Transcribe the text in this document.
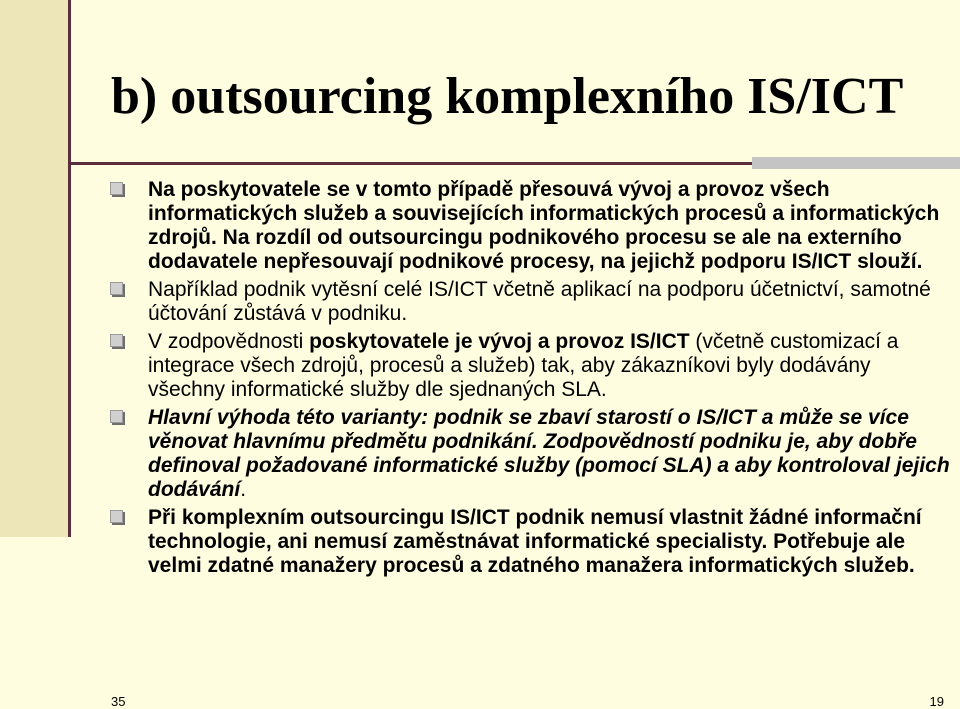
b) outsourcing komplexního IS/ICT
Na poskytovatele se v tomto případě přesouvá vývoj a provoz všech informatických služeb a souvisejících informatických procesů a informatických zdrojů. Na rozdíl od outsourcingu podnikového procesu se ale na externího dodavatele nepřesouvají podnikové procesy, na jejichž podporu IS/ICT slouží.
Například podnik vytěsní celé IS/ICT včetně aplikací na podporu účetnictví, samotné účtování zůstává v podniku.
V zodpovědnosti poskytovatele je vývoj a provoz IS/ICT (včetně customizací a integrace všech zdrojů, procesů a služeb) tak, aby zákazníkovi byly dodávány všechny informatické služby dle sjednaných SLA.
Hlavní výhoda této varianty: podnik se zbaví starostí o IS/ICT a může se více věnovat hlavnímu předmětu podnikání. Zodpovědností podniku je, aby dobře definoval požadované informatické služby (pomocí SLA) a aby kontroloval jejich dodávání.
Při komplexním outsourcingu IS/ICT podnik nemusí vlastnit žádné informační technologie, ani nemusí zaměstnávat informatické specialisty. Potřebuje ale velmi zdatné manažery procesů a zdatného manažera informatických služeb.
35	19
